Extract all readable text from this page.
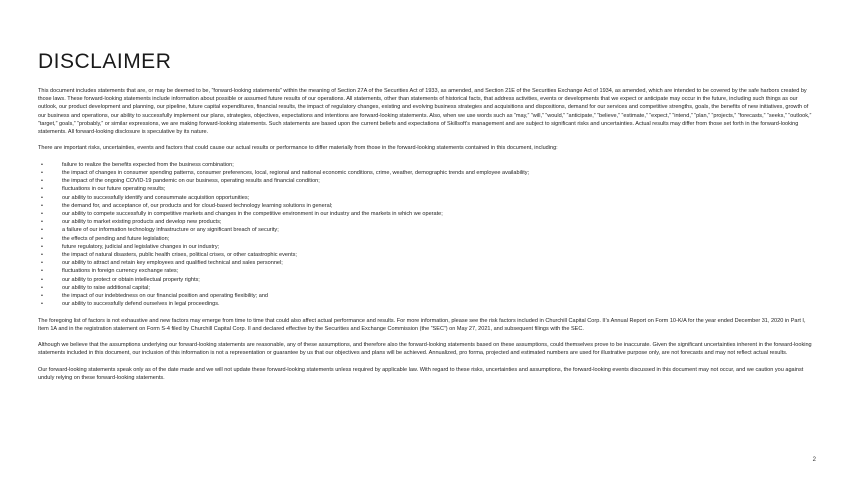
DISCLAIMER

This document includes statements that are, or may be deemed to be, “forward-looking statements” within the meaning of Section 27A of the Securities Act of 1933, as amended, and Section 21E of the Securities Exchange Act of 1934, as amended, which are intended to be covered by the safe harbors created by those laws. These forward-looking statements include information about possible or assumed future results of our operations. All statements, other than statements of historical facts, that address activities, events or developments that we expect or anticipate may occur in the future, including such things as our outlook, our product development and planning, our pipeline, future capital expenditures, financial results, the impact of regulatory changes, existing and evolving business strategies and acquisitions and dispositions, demand for our services and competitive strengths, goals, the benefits of new initiatives, growth of our business and operations, our ability to successfully implement our plans, strategies, objectives, expectations and intentions are forward-looking statements. Also, when we use words such as “may,” “will,” “would,” “anticipate,” “believe,” “estimate,” “expect,” “intend,” “plan,” “projects,” “forecasts,” “seeks,” “outlook,” “target,” goals,” “probably,” or similar expressions, we are making forward-looking statements. Such statements are based upon the current beliefs and expectations of Skillsoft’s management and are subject to significant risks and uncertainties. Actual results may differ from those set forth in the forward-looking statements. All forward-looking disclosure is speculative by its nature.

There are important risks, uncertainties, events and factors that could cause our actual results or performance to differ materially from those in the forward-looking statements contained in this document, including:

•	failure to realize the benefits expected from the business combination;
•	the impact of changes in consumer spending patterns, consumer preferences, local, regional and national economic conditions, crime, weather, demographic trends and employee availability;
•	the impact of the ongoing COVID-19 pandemic on our business, operating results and financial condition;
•	fluctuations in our future operating results;
•	our ability to successfully identify and consummate acquisition opportunities;
•	the demand for, and acceptance of, our products and for cloud-based technology learning solutions in general;
•	our ability to compete successfully in competitive markets and changes in the competitive environment in our industry and the markets in which we operate;
•	our ability to market existing products and develop new products;
•	a failure of our information technology infrastructure or any significant breach of security;
•	the effects of pending and future legislation;
•	future regulatory, judicial and legislative changes in our industry;
•	the impact of natural disasters, public health crises, political crises, or other catastrophic events;
•	our ability to attract and retain key employees and qualified technical and sales personnel;
•	fluctuations in foreign currency exchange rates;
•	our ability to protect or obtain intellectual property rights;
•	our ability to raise additional capital;
•	the impact of our indebtedness on our financial position and operating flexibility; and
•	our ability to successfully defend ourselves in legal proceedings.

The foregoing list of factors is not exhaustive and new factors may emerge from time to time that could also affect actual performance and results. For more information, please see the risk factors included in Churchill Capital Corp. II’s Annual Report on Form 10-K/A for the year ended December 31, 2020 in Part I, Item 1A and in the registration statement on Form S-4 filed by Churchill Capital Corp. II and declared effective by the Securities and Exchange Commission (the “SEC”) on May 27, 2021, and subsequent filings with the SEC.

Although we believe that the assumptions underlying our forward-looking statements are reasonable, any of these assumptions, and therefore also the forward-looking statements based on these assumptions, could themselves prove to be inaccurate. Given the significant uncertainties inherent in the forward-looking statements included in this document, our inclusion of this information is not a representation or guarantee by us that our objectives and plans will be achieved. Annualized, pro forma, projected and estimated numbers are used for illustrative purpose only, are not forecasts and may not reflect actual results.

Our forward-looking statements speak only as of the date made and we will not update these forward-looking statements unless required by applicable law. With regard to these risks, uncertainties and assumptions, the forward-looking events discussed in this document may not occur, and we caution you against unduly relying on these forward-looking statements.

2
